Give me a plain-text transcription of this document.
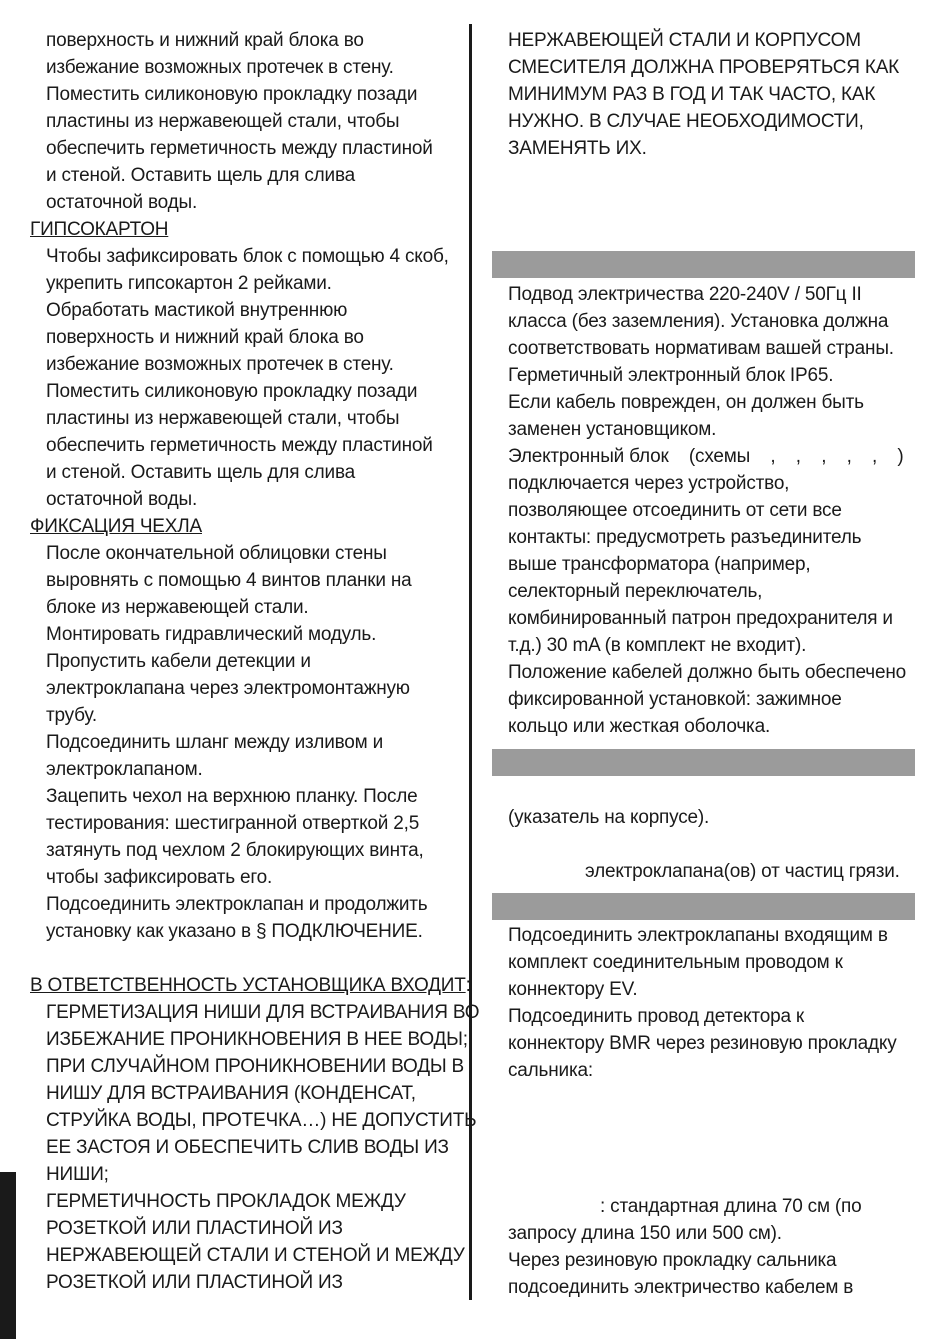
поверхность и нижний край блока во
избежание возможных протечек в стену.
Поместить силиконовую прокладку позади
пластины из нержавеющей стали, чтобы
обеспечить герметичность между пластиной
и стеной. Оставить щель для слива
остаточной воды.
ГИПСОКАРТОН
Чтобы зафиксировать блок с помощью 4 скоб,
укрепить гипсокартон 2 рейками.
Обработать мастикой внутреннюю
поверхность и нижний край блока во
избежание возможных протечек в стену.
Поместить силиконовую прокладку позади
пластины из нержавеющей стали, чтобы
обеспечить герметичность между пластиной
и стеной. Оставить щель для слива
остаточной воды.
ФИКСАЦИЯ ЧЕХЛА
После окончательной облицовки стены
выровнять с помощью 4 винтов планки на
блоке из нержавеющей стали.
Монтировать гидравлический модуль.
Пропустить кабели детекции и
электроклапана через электромонтажную
трубу.
Подсоединить шланг между изливом и
электроклапаном.
Зацепить чехол на верхнюю планку. После
тестирования: шестигранной отверткой 2,5
затянуть под чехлом 2 блокирующих винта,
чтобы зафиксировать его.
Подсоединить электроклапан и продолжить
установку как указано в § ПОДКЛЮЧЕНИЕ.
В ОТВЕТСТВЕННОСТЬ УСТАНОВЩИКА ВХОДИТ:
ГЕРМЕТИЗАЦИЯ НИШИ ДЛЯ ВСТРАИВАНИЯ ВО
ИЗБЕЖАНИЕ ПРОНИКНОВЕНИЯ В НЕЕ ВОДЫ;
ПРИ СЛУЧАЙНОМ ПРОНИКНОВЕНИИ ВОДЫ В
НИШУ ДЛЯ ВСТРАИВАНИЯ (КОНДЕНСАТ,
СТРУЙКА ВОДЫ, ПРОТЕЧКА…) НЕ ДОПУСТИТЬ
ЕЕ ЗАСТОЯ И ОБЕСПЕЧИТЬ СЛИВ ВОДЫ ИЗ
НИШИ;
ГЕРМЕТИЧНОСТЬ ПРОКЛАДОК МЕЖДУ
РОЗЕТКОЙ ИЛИ ПЛАСТИНОЙ ИЗ
НЕРЖАВЕЮЩЕЙ СТАЛИ И СТЕНОЙ И МЕЖДУ
РОЗЕТКОЙ ИЛИ ПЛАСТИНОЙ ИЗ
НЕРЖАВЕЮЩЕЙ СТАЛИ И КОРПУСОМ
СМЕСИТЕЛЯ ДОЛЖНА ПРОВЕРЯТЬСЯ КАК
МИНИМУМ РАЗ В ГОД И ТАК ЧАСТО, КАК
НУЖНО. В СЛУЧАЕ НЕОБХОДИМОСТИ,
ЗАМЕНЯТЬ ИХ.
Подвод электричества 220-240V / 50Гц II
класса (без заземления). Установка должна
соответствовать нормативам вашей страны.
Герметичный электронный блок IP65.
Если кабель поврежден, он должен быть
заменен установщиком.
Электронный блок    (схемы    ,    ,    ,    ,    ,    )
подключается через устройство,
позволяющее отсоединить от сети все
контакты: предусмотреть разъединитель
выше трансформатора (например,
селекторный переключатель,
комбинированный патрон предохранителя и
т.д.) 30 mA (в комплект не входит).
Положение кабелей должно быть обеспечено
фиксированной установкой: зажимное
кольцо или жесткая оболочка.
(указатель на корпусе).
электроклапана(ов) от частиц грязи.
Подсоединить электроклапаны входящим в
комплект соединительным проводом к
коннектору EV.
Подсоединить провод детектора к
коннектору BMR через резиновую прокладку
сальника:
: стандартная длина 70 см (по
запросу длина 150 или 500 см).
Через резиновую прокладку сальника
подсоединить электричество кабелем в
